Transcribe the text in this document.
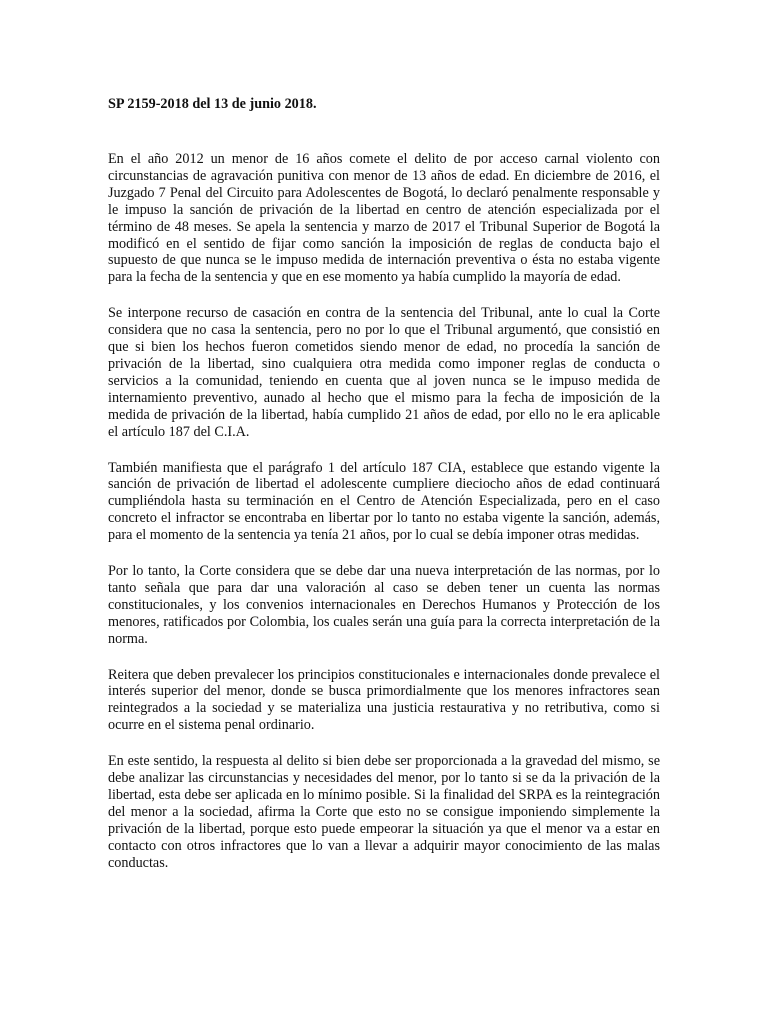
SP 2159-2018 del 13 de junio 2018.

En el año 2012 un menor de 16 años comete el delito de por acceso carnal violento con circunstancias de agravación punitiva con menor de 13 años de edad. En diciembre de 2016, el Juzgado 7 Penal del Circuito para Adolescentes de Bogotá, lo declaró penalmente responsable y le impuso la sanción de privación de la libertad en centro de atención especializada por el término de 48 meses. Se apela la sentencia y marzo de 2017 el Tribunal Superior de Bogotá la modificó en el sentido de fijar como sanción la imposición de reglas de conducta bajo el supuesto de que nunca se le impuso medida de internación preventiva o ésta no estaba vigente para la fecha de la sentencia y que en ese momento ya había cumplido la mayoría de edad.

Se interpone recurso de casación en contra de la sentencia del Tribunal, ante lo cual la Corte considera que no casa la sentencia, pero no por lo que el Tribunal argumentó, que consistió en que si bien los hechos fueron cometidos siendo menor de edad, no procedía la sanción de privación de la libertad, sino cualquiera otra medida como imponer reglas de conducta o servicios a la comunidad, teniendo en cuenta que al joven nunca se le impuso medida de internamiento preventivo, aunado al hecho que el mismo para la fecha de imposición de la medida de privación de la libertad, había cumplido 21 años de edad, por ello no le era aplicable el artículo 187 del C.I.A.

También manifiesta que el parágrafo 1 del artículo 187 CIA, establece que estando vigente la sanción de privación de libertad el adolescente cumpliere dieciocho años de edad continuará cumpliéndola hasta su terminación en el Centro de Atención Especializada, pero en el caso concreto el infractor se encontraba en libertar por lo tanto no estaba vigente la sanción, además, para el momento de la sentencia ya tenía 21 años, por lo cual se debía imponer otras medidas.

Por lo tanto, la Corte considera que se debe dar una nueva interpretación de las normas, por lo tanto señala que para dar una valoración al caso se deben tener un cuenta las normas constitucionales, y los convenios internacionales en Derechos Humanos y Protección de los menores, ratificados por Colombia, los cuales serán una guía para la correcta interpretación de la norma.

Reitera que deben prevalecer los principios constitucionales e internacionales donde prevalece el interés superior del menor, donde se busca primordialmente que los menores infractores sean reintegrados a la sociedad y se materializa una justicia restaurativa y no retributiva, como si ocurre en el sistema penal ordinario.

En este sentido, la respuesta al delito si bien debe ser proporcionada a la gravedad del mismo, se debe analizar las circunstancias y necesidades del menor, por lo tanto si se da la privación de la libertad, esta debe ser aplicada en lo mínimo posible. Si la finalidad del SRPA es la reintegración del menor a la sociedad, afirma la Corte que esto no se consigue imponiendo simplemente la privación de la libertad, porque esto puede empeorar la situación ya que el menor va a estar en contacto con otros infractores que lo van a llevar a adquirir mayor conocimiento de las malas conductas.
